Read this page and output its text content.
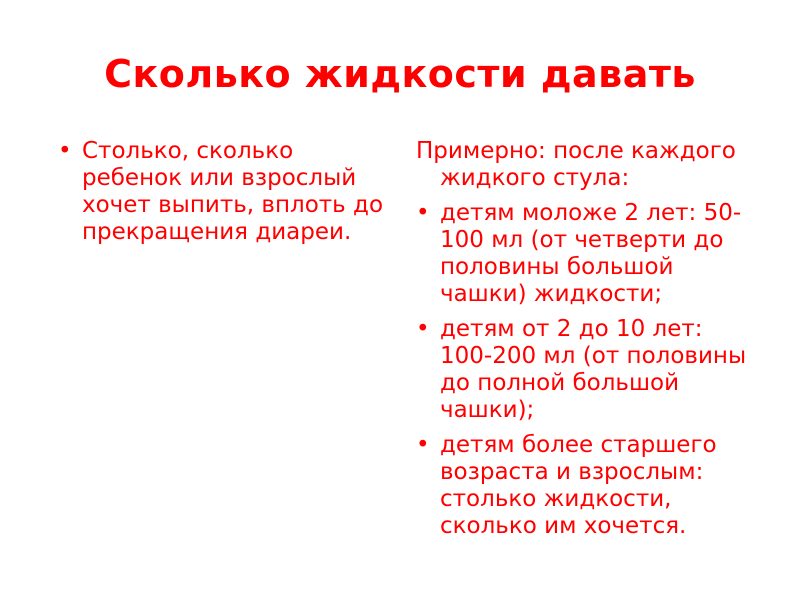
Сколько жидкости давать
• Столько, сколько ребенок или взрослый хочет выпить, вплоть до прекращения диареи.

Примерно: после каждого жидкого стула:

• детям моложе 2 лет: 50-100 мл (от четверти до половины большой чашки) жидкости;
• детям от 2 до 10 лет: 100-200 мл (от половины до полной большой чашки);
• детям более старшего возраста и взрослым: столько жидкости, сколько им хочется.
